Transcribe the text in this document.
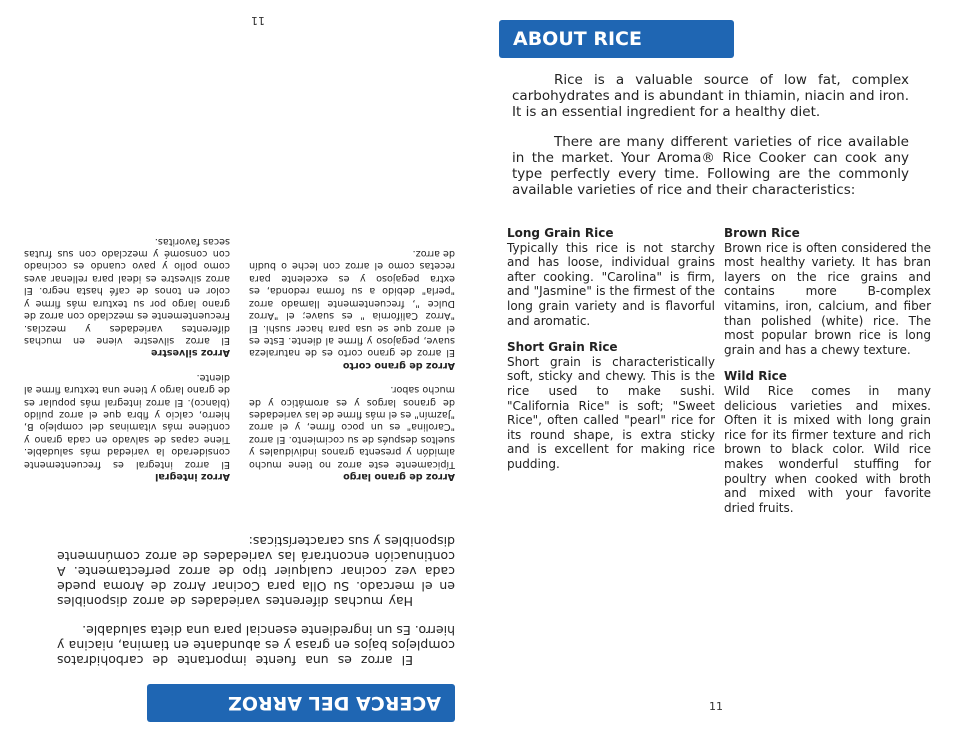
11
ACERCA DEL ARROZ

El arroz es una fuente importante de carbohidratos complejos bajos en grasa y es abundante en tiamina, niacina y hierro. Es un ingrediente esencial para una dieta saludable.

Hay muchas diferentes variedades de arroz disponibles en el mercado. Su Olla para Cocinar Arroz de Aroma puede cada vez cocinar cualquier tipo de arroz perfectamente. A continuación encontrará las variedades de arroz comúnmente disponibles y sus características:

Arroz de grano largo

Típicamente este arroz no tiene mucho almidón y presenta granos individuales y sueltos después de su cocimiento. El arroz "Carolina" es un poco firme, y el arroz "Jazmín" es el más firme de las variedades de granos largos y es aromático y de mucho sabor.

Arroz de grano corto

El arroz de grano corto es de naturaleza suave, pegajoso y firme al diente. Este es el arroz que se usa para hacer sushi. El "Arroz California " es suave; el "Arroz Dulce ", frecuentemente llamado arroz "perla" debido a su forma redonda, es extra pegajoso y es excelente para recetas como el arroz con leche o budín de arroz.

Arroz integral

El arroz integral es frecuentemente considerado la variedad más saludable. Tiene capas de salvado en cada grano y contiene más vitaminas del complejo B, hierro, calcio y fibra que el arroz pulido (blanco). El arroz integral más popular es de grano largo y tiene una textura firme al diente.

Arroz silvestre

El arroz silvestre viene en muchas diferentes variedades y mezclas. Frecuentemente es mezclado con arroz de grano largo por su textura más firme y color en tonos de café hasta negro. El arroz silvestre es ideal para rellenar aves como pollo y pavo cuando es cocinado con consomé y mezclado con sus frutas secas favoritas.

ABOUT RICE

Rice is a valuable source of low fat, complex carbohydrates and is abundant in thiamin, niacin and iron. It is an essential ingredient for a healthy diet.

There are many different varieties of rice available in the market. Your Aroma® Rice Cooker can cook any type perfectly every time. Following are the commonly available varieties of rice and their characteristics:

Long Grain Rice

Typically this rice is not starchy and has loose, individual grains after cooking. "Carolina" is firm, and "Jasmine" is the firmest of the long grain variety and is flavorful and aromatic.

Short Grain Rice

Short grain is characteristically soft, sticky and chewy. This is the rice used to make sushi. "California Rice" is soft; "Sweet Rice", often called "pearl" rice for its round shape, is extra sticky and is excellent for making rice pudding.

Brown Rice

Brown rice is often considered the most healthy variety. It has bran layers on the rice grains and contains more B-complex vitamins, iron, calcium, and fiber than polished (white) rice. The most popular brown rice is long grain and has a chewy texture.

Wild Rice

Wild Rice comes in many delicious varieties and mixes. Often it is mixed with long grain rice for its firmer texture and rich brown to black color. Wild rice makes wonderful stuffing for poultry when cooked with broth and mixed with your favorite dried fruits.

11
